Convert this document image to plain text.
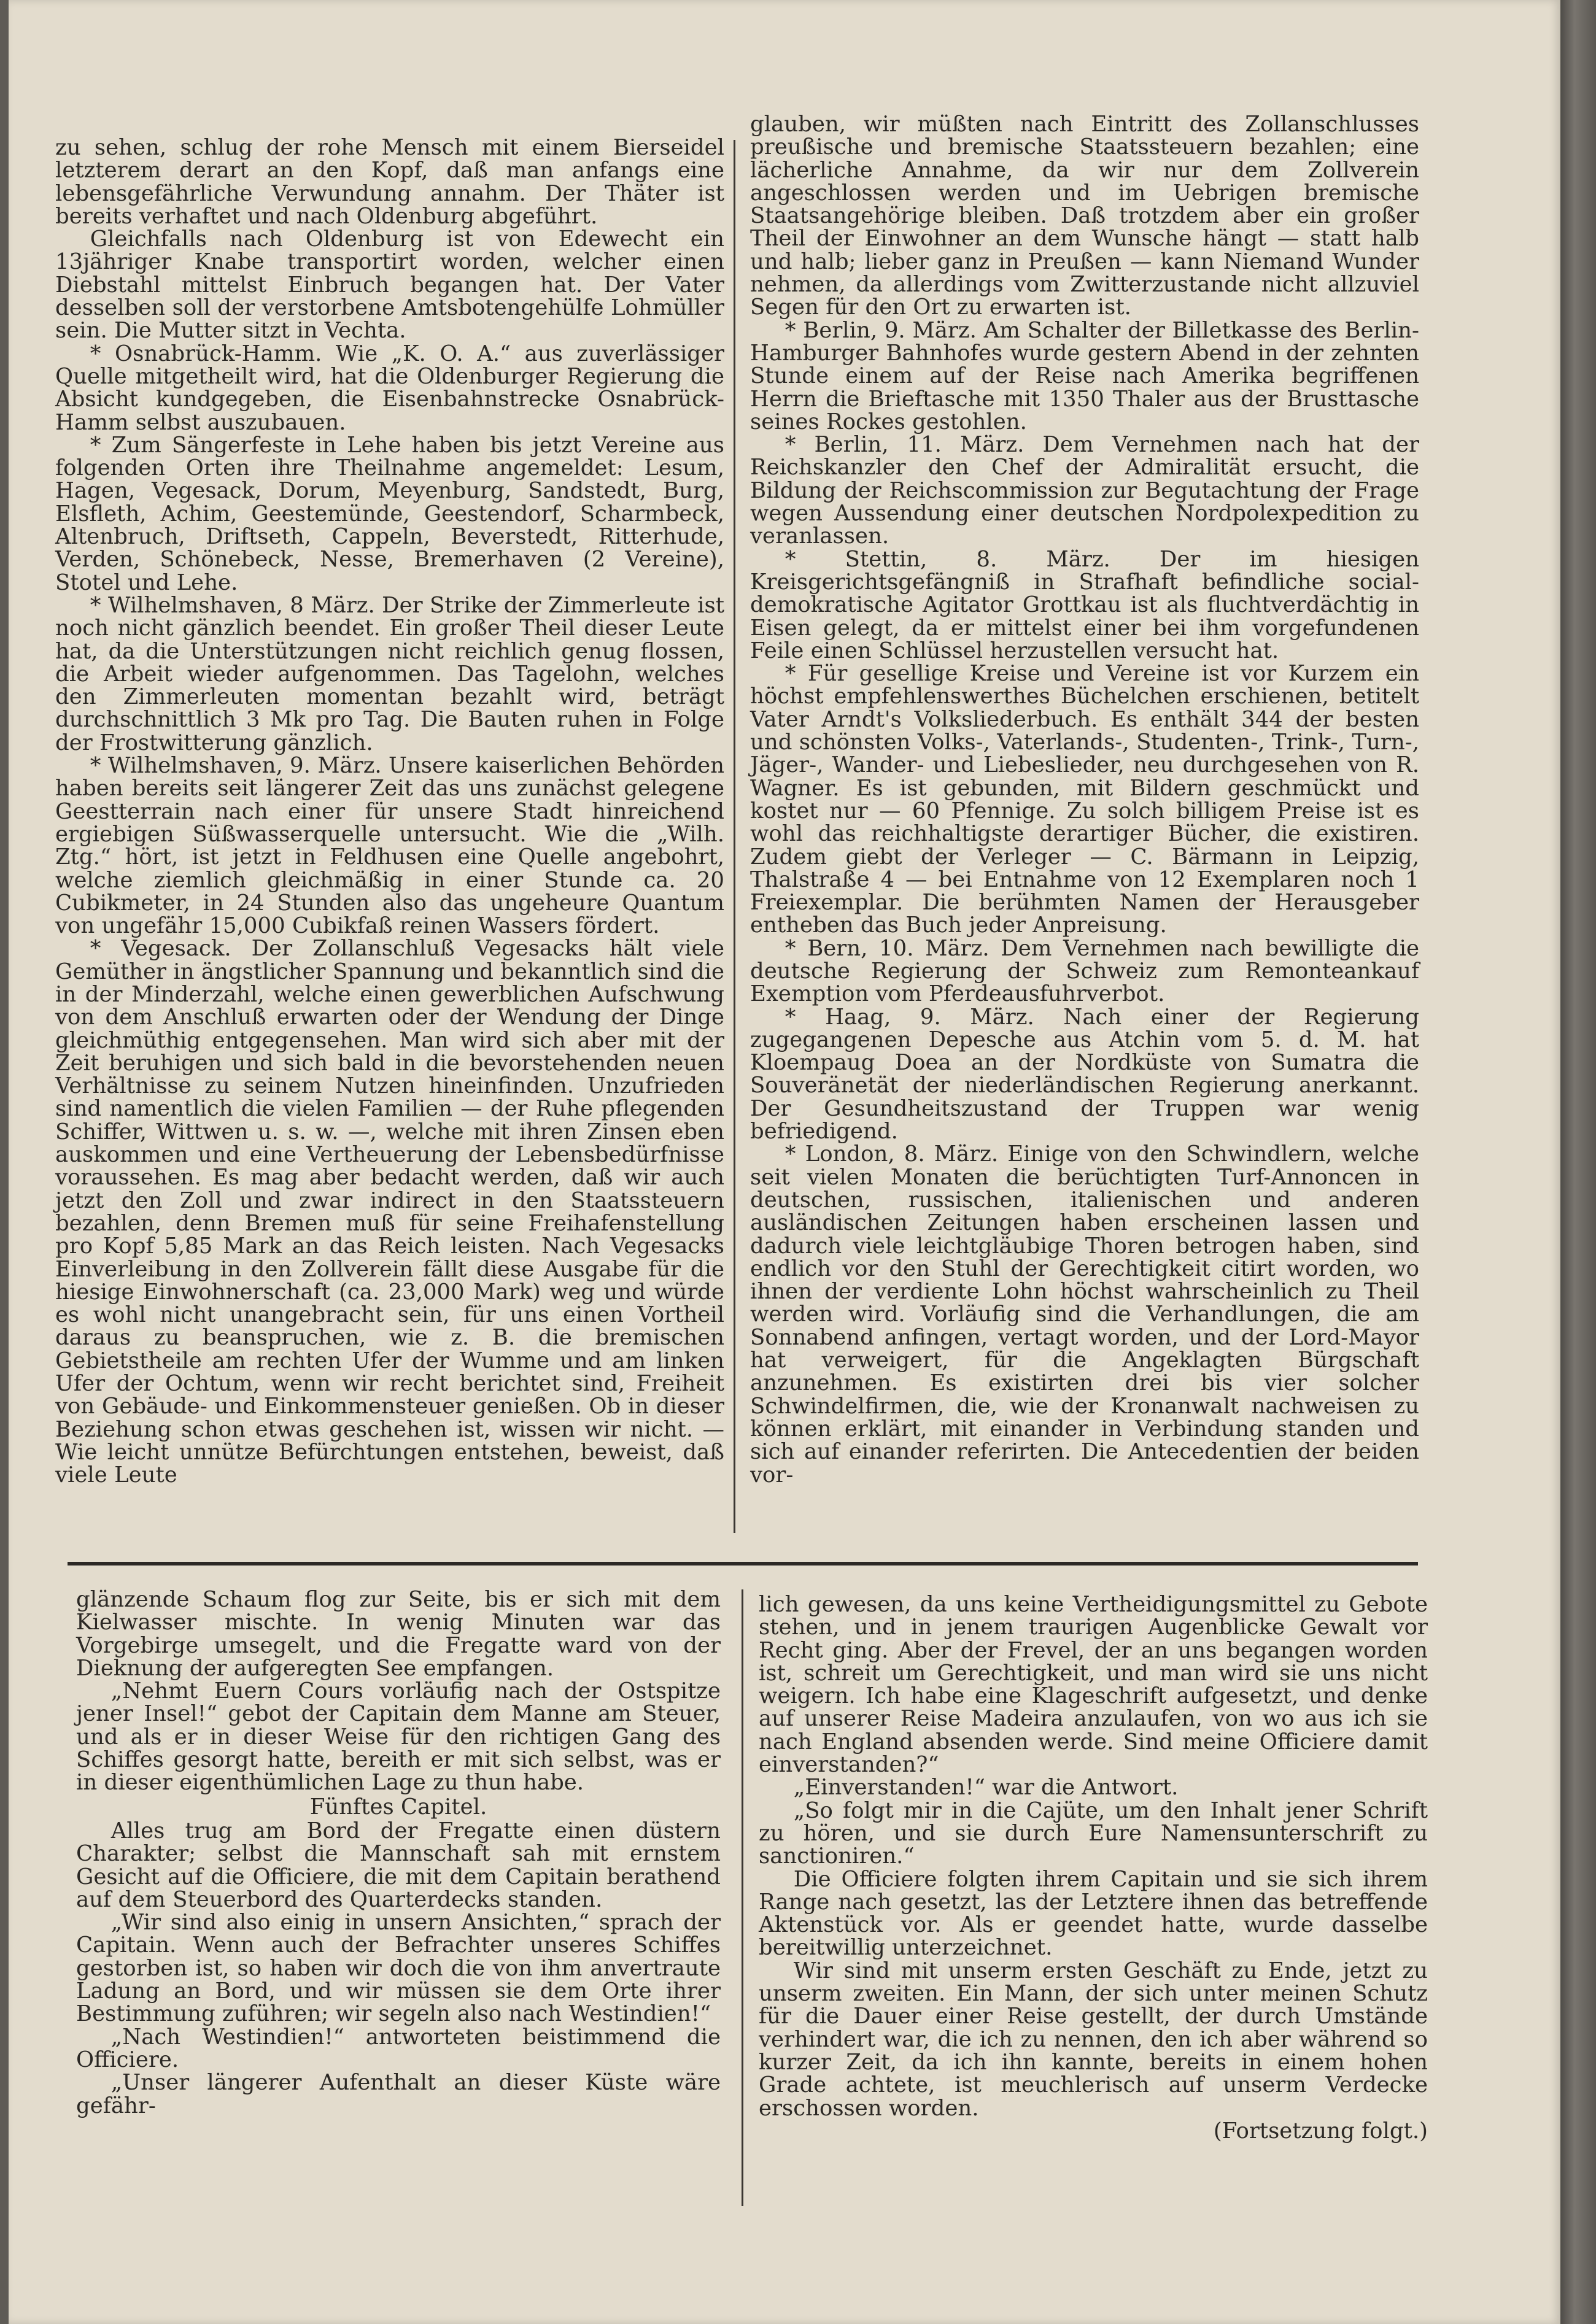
zu sehen, schlug der rohe Mensch mit einem Bierseidel letzterem derart an den Kopf, daß man anfangs eine lebensgefährliche Verwundung annahm. Der Thäter ist bereits verhaftet und nach Oldenburg abgeführt.

Gleichfalls nach Oldenburg ist von Edewecht ein 13jähriger Knabe transportirt worden, welcher einen Diebstahl mittelst Einbruch begangen hat. Der Vater desselben soll der verstorbene Amtsbotengehülfe Lohmüller sein. Die Mutter sitzt in Vechta.

* Osnabrück-Hamm. Wie „K. O. A.“ aus zuverlässiger Quelle mitgetheilt wird, hat die Oldenburger Regierung die Absicht kundgegeben, die Eisenbahnstrecke Osnabrück-Hamm selbst auszubauen.

* Zum Sängerfeste in Lehe haben bis jetzt Vereine aus folgenden Orten ihre Theilnahme angemeldet: Lesum, Hagen, Vegesack, Dorum, Meyenburg, Sandstedt, Burg, Elsfleth, Achim, Geestemünde, Geestendorf, Scharmbeck, Altenbruch, Driftseth, Cappeln, Beverstedt, Ritterhude, Verden, Schönebeck, Nesse, Bremerhaven (2 Vereine), Stotel und Lehe.

* Wilhelmshaven, 8 März. Der Strike der Zimmerleute ist noch nicht gänzlich beendet. Ein großer Theil dieser Leute hat, da die Unterstützungen nicht reichlich genug flossen, die Arbeit wieder aufgenommen. Das Tagelohn, welches den Zimmerleuten momentan bezahlt wird, beträgt durchschnittlich 3 Mk pro Tag. Die Bauten ruhen in Folge der Frostwitterung gänzlich.

* Wilhelmshaven, 9. März. Unsere kaiserlichen Behörden haben bereits seit längerer Zeit das uns zunächst gelegene Geestterrain nach einer für unsere Stadt hinreichend ergiebigen Süßwasserquelle untersucht. Wie die „Wilh. Ztg.“ hört, ist jetzt in Feldhusen eine Quelle angebohrt, welche ziemlich gleichmäßig in einer Stunde ca. 20 Cubikmeter, in 24 Stunden also das ungeheure Quantum von ungefähr 15,000 Cubikfaß reinen Wassers fördert.

* Vegesack. Der Zollanschluß Vegesacks hält viele Gemüther in ängstlicher Spannung und bekanntlich sind die in der Minderzahl, welche einen gewerblichen Aufschwung von dem Anschluß erwarten oder der Wendung der Dinge gleichmüthig entgegensehen. Man wird sich aber mit der Zeit beruhigen und sich bald in die bevorstehenden neuen Verhältnisse zu seinem Nutzen hineinfinden. Unzufrieden sind namentlich die vielen Familien — der Ruhe pflegenden Schiffer, Wittwen u. s. w. —, welche mit ihren Zinsen eben auskommen und eine Vertheuerung der Lebensbedürfnisse voraussehen. Es mag aber bedacht werden, daß wir auch jetzt den Zoll und zwar indirect in den Staatssteuern bezahlen, denn Bremen muß für seine Freihafenstellung pro Kopf 5,85 Mark an das Reich leisten. Nach Vegesacks Einverleibung in den Zollverein fällt diese Ausgabe für die hiesige Einwohnerschaft (ca. 23,000 Mark) weg und würde es wohl nicht unangebracht sein, für uns einen Vortheil daraus zu beanspruchen, wie z. B. die bremischen Gebietstheile am rechten Ufer der Wumme und am linken Ufer der Ochtum, wenn wir recht berichtet sind, Freiheit von Gebäude- und Einkommensteuer genießen. Ob in dieser Beziehung schon etwas geschehen ist, wissen wir nicht. — Wie leicht unnütze Befürchtungen entstehen, beweist, daß viele Leute

glauben, wir müßten nach Eintritt des Zollanschlusses preußische und bremische Staatssteuern bezahlen; eine lächerliche Annahme, da wir nur dem Zollverein angeschlossen werden und im Uebrigen bremische Staatsangehörige bleiben. Daß trotzdem aber ein großer Theil der Einwohner an dem Wunsche hängt — statt halb und halb; lieber ganz in Preußen — kann Niemand Wunder nehmen, da allerdings vom Zwitterzustande nicht allzuviel Segen für den Ort zu erwarten ist.

* Berlin, 9. März. Am Schalter der Billetkasse des Berlin-Hamburger Bahnhofes wurde gestern Abend in der zehnten Stunde einem auf der Reise nach Amerika begriffenen Herrn die Brieftasche mit 1350 Thaler aus der Brusttasche seines Rockes gestohlen.

* Berlin, 11. März. Dem Vernehmen nach hat der Reichskanzler den Chef der Admiralität ersucht, die Bildung der Reichscommission zur Begutachtung der Frage wegen Aussendung einer deutschen Nordpolexpedition zu veranlassen.

* Stettin, 8. März. Der im hiesigen Kreisgerichtsgefängniß in Strafhaft befindliche social-demokratische Agitator Grottkau ist als fluchtverdächtig in Eisen gelegt, da er mittelst einer bei ihm vorgefundenen Feile einen Schlüssel herzustellen versucht hat.

* Für gesellige Kreise und Vereine ist vor Kurzem ein höchst empfehlenswerthes Büchelchen erschienen, betitelt Vater Arndt's Volksliederbuch. Es enthält 344 der besten und schönsten Volks-, Vaterlands-, Studenten-, Trink-, Turn-, Jäger-, Wander- und Liebeslieder, neu durchgesehen von R. Wagner. Es ist gebunden, mit Bildern geschmückt und kostet nur — 60 Pfennige. Zu solch billigem Preise ist es wohl das reichhaltigste derartiger Bücher, die existiren. Zudem giebt der Verleger — C. Bärmann in Leipzig, Thalstraße 4 — bei Entnahme von 12 Exemplaren noch 1 Freiexemplar. Die berühmten Namen der Herausgeber entheben das Buch jeder Anpreisung.

* Bern, 10. März. Dem Vernehmen nach bewilligte die deutsche Regierung der Schweiz zum Remonteankauf Exemption vom Pferdeausfuhrverbot.

* Haag, 9. März. Nach einer der Regierung zugegangenen Depesche aus Atchin vom 5. d. M. hat Kloempaug Doea an der Nordküste von Sumatra die Souveränetät der niederländischen Regierung anerkannt. Der Gesundheitszustand der Truppen war wenig befriedigend.

* London, 8. März. Einige von den Schwindlern, welche seit vielen Monaten die berüchtigten Turf-Annoncen in deutschen, russischen, italienischen und anderen ausländischen Zeitungen haben erscheinen lassen und dadurch viele leichtgläubige Thoren betrogen haben, sind endlich vor den Stuhl der Gerechtigkeit citirt worden, wo ihnen der verdiente Lohn höchst wahrscheinlich zu Theil werden wird. Vorläufig sind die Verhandlungen, die am Sonnabend anfingen, vertagt worden, und der Lord-Mayor hat verweigert, für die Angeklagten Bürgschaft anzunehmen. Es existirten drei bis vier solcher Schwindelfirmen, die, wie der Kronanwalt nachweisen zu können erklärt, mit einander in Verbindung standen und sich auf einander referirten. Die Antecedentien der beiden vor-

glänzende Schaum flog zur Seite, bis er sich mit dem Kielwasser mischte. In wenig Minuten war das Vorgebirge umsegelt, und die Fregatte ward von der Dieknung der aufgeregten See empfangen.

„Nehmt Euern Cours vorläufig nach der Ostspitze jener Insel!“ gebot der Capitain dem Manne am Steuer, und als er in dieser Weise für den richtigen Gang des Schiffes gesorgt hatte, bereith er mit sich selbst, was er in dieser eigenthümlichen Lage zu thun habe.

Fünftes Capitel.

Alles trug am Bord der Fregatte einen düstern Charakter; selbst die Mannschaft sah mit ernstem Gesicht auf die Officiere, die mit dem Capitain berathend auf dem Steuerbord des Quarterdecks standen.

„Wir sind also einig in unsern Ansichten,“ sprach der Capitain. Wenn auch der Befrachter unseres Schiffes gestorben ist, so haben wir doch die von ihm anvertraute Ladung an Bord, und wir müssen sie dem Orte ihrer Bestimmung zuführen; wir segeln also nach Westindien!“

„Nach Westindien!“ antworteten beistimmend die Officiere.

„Unser längerer Aufenthalt an dieser Küste wäre gefähr-

lich gewesen, da uns keine Vertheidigungsmittel zu Gebote stehen, und in jenem traurigen Augenblicke Gewalt vor Recht ging. Aber der Frevel, der an uns begangen worden ist, schreit um Gerechtigkeit, und man wird sie uns nicht weigern. Ich habe eine Klageschrift aufgesetzt, und denke auf unserer Reise Madeira anzulaufen, von wo aus ich sie nach England absenden werde. Sind meine Officiere damit einverstanden?“

„Einverstanden!“ war die Antwort.

„So folgt mir in die Cajüte, um den Inhalt jener Schrift zu hören, und sie durch Eure Namensunterschrift zu sanctioniren.“

Die Officiere folgten ihrem Capitain und sie sich ihrem Range nach gesetzt, las der Letztere ihnen das betreffende Aktenstück vor. Als er geendet hatte, wurde dasselbe bereitwillig unterzeichnet.

Wir sind mit unserm ersten Geschäft zu Ende, jetzt zu unserm zweiten. Ein Mann, der sich unter meinen Schutz für die Dauer einer Reise gestellt, der durch Umstände verhindert war, die ich zu nennen, den ich aber während so kurzer Zeit, da ich ihn kannte, bereits in einem hohen Grade achtete, ist meuchlerisch auf unserm Verdecke erschossen worden.

(Fortsetzung folgt.)
